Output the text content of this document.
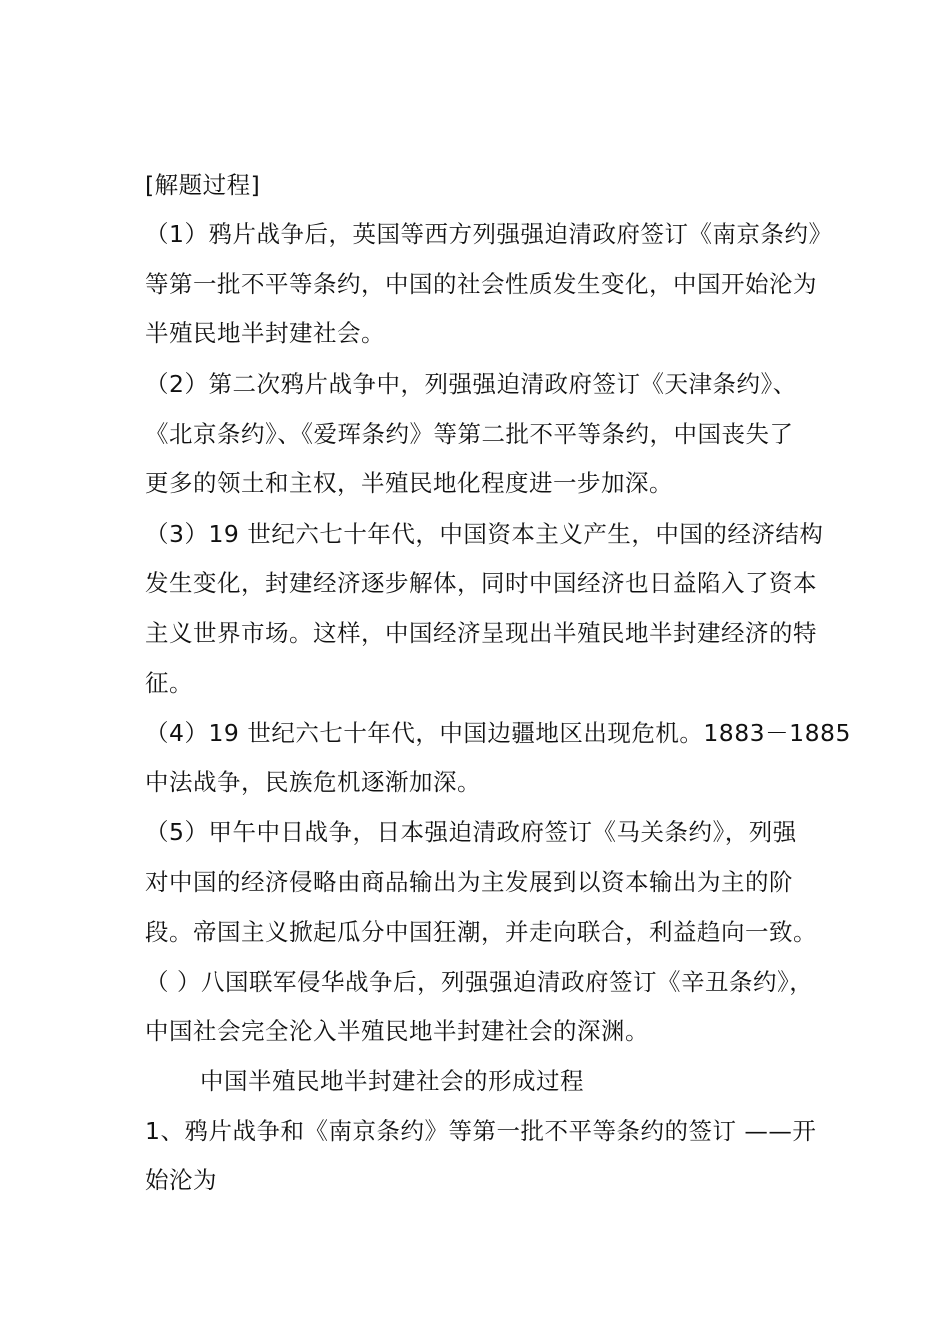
[解题过程]
（1）鸦片战争后，英国等西方列强强迫清政府签订《南京条约》
等第一批不平等条约，中国的社会性质发生变化，中国开始沦为
半殖民地半封建社会。
（2）第二次鸦片战争中，列强强迫清政府签订《天津条约》、
《北京条约》、《爱珲条约》等第二批不平等条约，中国丧失了
更多的领土和主权，半殖民地化程度进一步加深。
（3）19 世纪六七十年代，中国资本主义产生，中国的经济结构
发生变化，封建经济逐步解体，同时中国经济也日益陷入了资本
主义世界市场。这样，中国经济呈现出半殖民地半封建经济的特
征。
（4）19 世纪六七十年代，中国边疆地区出现危机。1883－1885
中法战争，民族危机逐渐加深。
（5）甲午中日战争，日本强迫清政府签订《马关条约》，列强
对中国的经济侵略由商品输出为主发展到以资本输出为主的阶
段。帝国主义掀起瓜分中国狂潮，并走向联合，利益趋向一致。
（ ）八国联军侵华战争后，列强强迫清政府签订《辛丑条约》，
中国社会完全沦入半殖民地半封建社会的深渊。
中国半殖民地半封建社会的形成过程
1、鸦片战争和《南京条约》等第一批不平等条约的签订 ——开
始沦为
